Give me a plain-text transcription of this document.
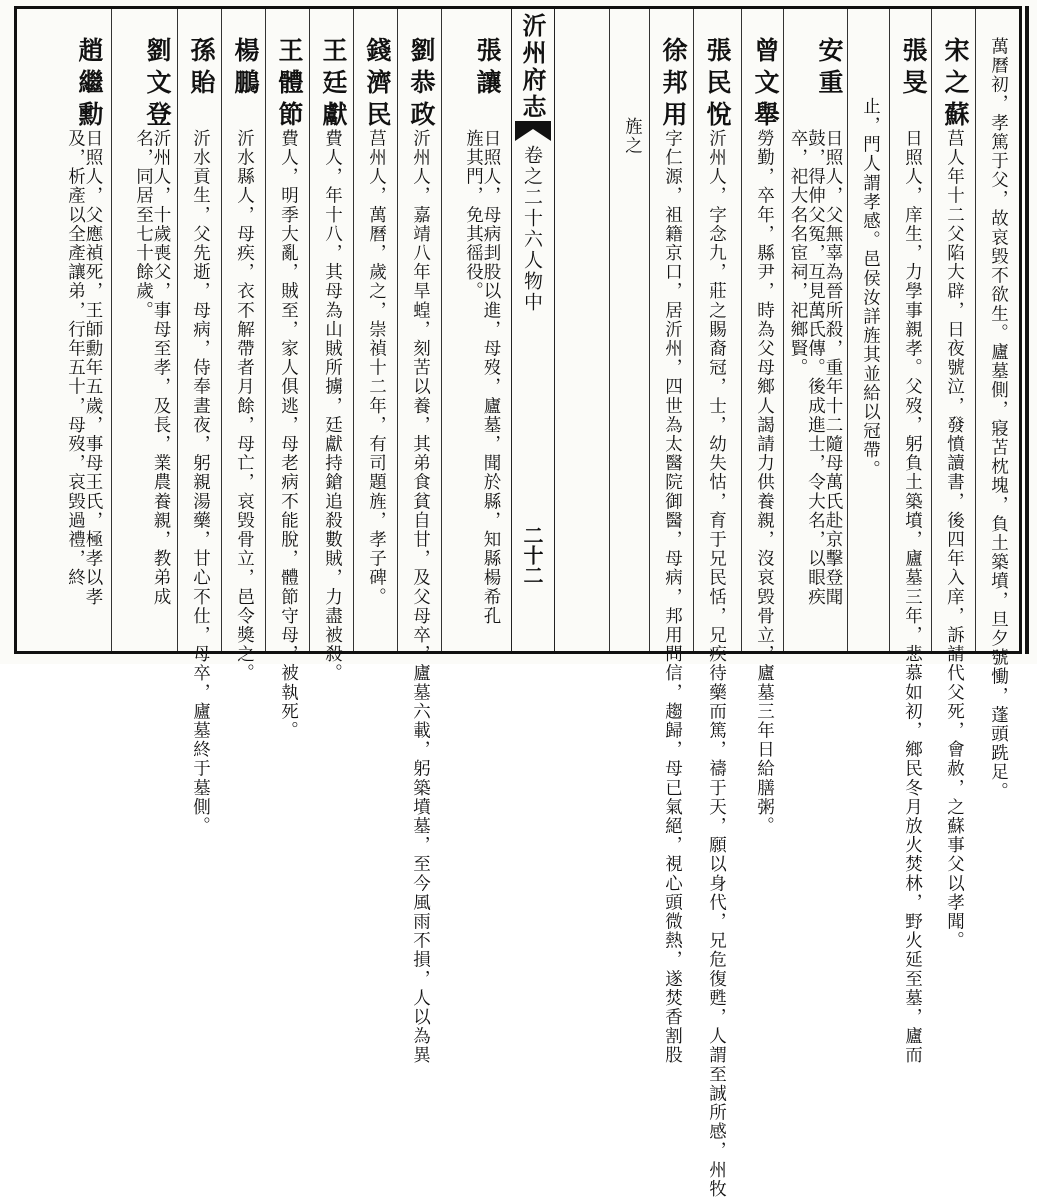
沂州府志
卷之二十六人物中
二十二	萬曆初，孝篤于父，故哀毁不欲生。廬墓側，寢苫枕塊，負土築墳，旦夕號慟，蓬頭跣足。
宋之蘇
莒人年十二父陷大辟，日夜號泣，發憤讀書，後四年入庠，訴請代父死，會赦，之蘇事父以孝聞。
張旻
日照人，庠生，力學事親孝。父歿，躬負土築墳，廬墓三年，悲慕如初，鄉民冬月放火焚林，野火延至墓，廬而
止，門人謂孝感。邑侯汝詳旌其並給以冠帶。
安重
日照人，父無辜為晉所殺，重年十二隨母萬氏赴京擊登聞鼓，得伸父冤，互見萬氏傳。後成進士，令大名，以眼疾卒，祀大名名宦祠，祀鄉賢。
曾文舉
勞勤，卒年，縣尹，時為父母鄉人謁請力供養親，沒哀毁骨立，廬墓三年日給膳粥。
張民悅
沂州人，字念九，莊之賜裔冠，士，幼失怙，育于兄民恬，兄疾待藥而篤，禱于天，願以身代，兄危復甦，人謂至誠所感，州牧
徐邦用
字仁源，祖籍京口，居沂州，四世為太醫院御醫，母病，邦用問信，趨歸，母已氣絕，視心頭微熱，遂焚香割股
旌之
張讓
日照人，母病刲股以進，母歿，廬墓，聞於縣，知縣楊希孔旌其門，免其徭役。
劉恭政
沂州人，嘉靖八年旱蝗，刻苦以養，其弟食貧自甘，及父母卒，廬墓六載，躬築墳墓，至今風雨不損，人以為異
錢濟民
莒州人，萬曆，歲之，崇禎十二年，有司題旌，孝子碑。
王廷獻
費人，年十八，其母為山賊所擄，廷獻持鎗追殺數賊，力盡被殺。
王體節
費人，明季大亂，賊至，家人俱逃，母老病不能脫，體節守母，被執死。
楊鵬
沂水縣人，母疾，衣不解帶者月餘，母亡，哀毁骨立，邑令獎之。
孫貽
沂水貢生，父先逝，母病，侍奉晝夜，躬親湯藥，甘心不仕，母卒，廬墓終于墓側。
劉文登
沂州人，十歲喪父，事母至孝，及長，業農養親，教弟成名，同居至七十餘歲。
趙繼勳
日照人，父應禎死，王師勳年五歲，事母王氏，極孝以孝及，析產以全產讓弟，行年五十，母歿，哀毁過禮，終
